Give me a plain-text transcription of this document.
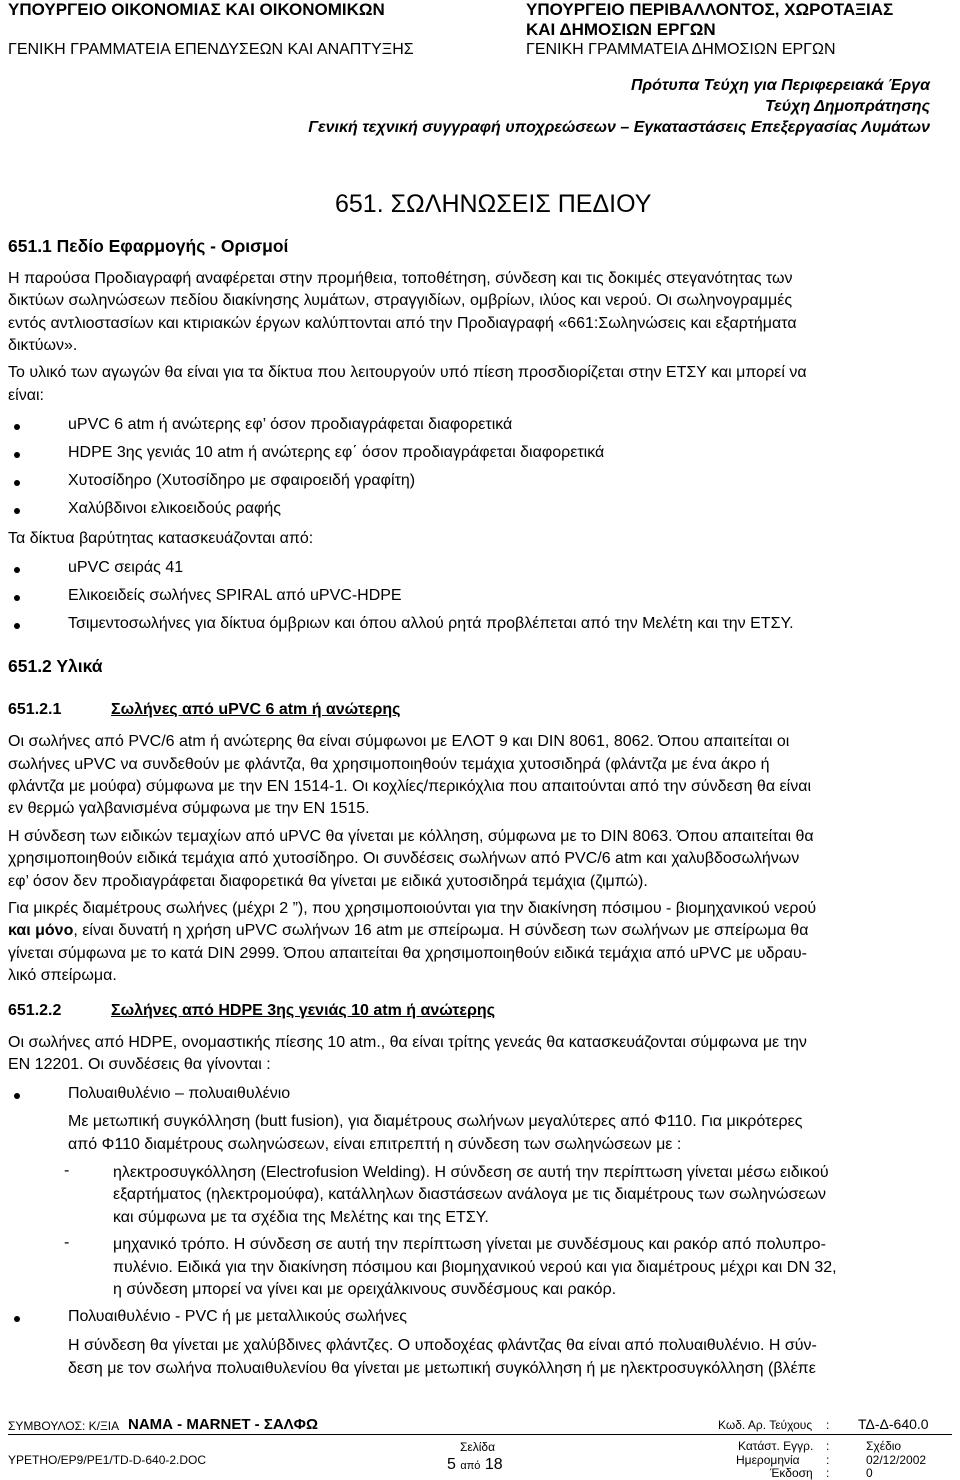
ΥΠΟΥΡΓΕΙΟ ΟΙΚΟΝΟΜΙΑΣ ΚΑΙ ΟΙΚΟΝΟΜΙΚΩΝ
ΓΕΝΙΚΗ ΓΡΑΜΜΑΤΕΙΑ ΕΠΕΝΔΥΣΕΩΝ ΚΑΙ ΑΝΑΠΤΥΞΗΣ
ΥΠΟΥΡΓΕΙΟ ΠΕΡΙΒΑΛΛΟΝΤΟΣ, ΧΩΡΟΤΑΞΙΑΣ
ΚΑΙ ΔΗΜΟΣΙΩΝ ΕΡΓΩΝ
ΓΕΝΙΚΗ ΓΡΑΜΜΑΤΕΙΑ ΔΗΜΟΣΙΩΝ ΕΡΓΩΝ
Πρότυπα Τεύχη για Περιφερειακά Έργα
Τεύχη Δημοπράτησης
Γενική τεχνική συγγραφή υποχρεώσεων – Εγκαταστάσεις Επεξεργασίας Λυμάτων
651. ΣΩΛΗΝΩΣΕΙΣ ΠΕΔΙΟΥ
651.1 Πεδίο Εφαρμογής - Ορισμοί

Η παρούσα Προδιαγραφή αναφέρεται στην προμήθεια, τοποθέτηση, σύνδεση και τις δοκιμές στεγανότητας των

δικτύων σωληνώσεων πεδίου διακίνησης λυμάτων, στραγγιδίων, ομβρίων, ιλύος και νερού. Οι σωληνογραμμές

εντός αντλιοστασίων και κτιριακών έργων καλύπτονται από την Προδιαγραφή «661:Σωληνώσεις και εξαρτήματα

δικτύων».

Το υλικό των αγωγών θα είναι για τα δίκτυα που λειτουργούν υπό πίεση προσδιορίζεται στην ΕΤΣΥ και μπορεί να

είναι:

uPVC 6 atm ή ανώτερης εφ’ όσον προδιαγράφεται διαφορετικά
HDPE 3ης γενιάς 10 atm ή ανώτερης εφ΄ όσον προδιαγράφεται διαφορετικά
Χυτοσίδηρο (Χυτοσίδηρο με σφαιροειδή γραφίτη)
Χαλύβδινοι ελικοειδούς ραφής

Τα δίκτυα βαρύτητας κατασκευάζονται από:

uPVC σειράς 41
Ελικοειδείς σωλήνες SPIRAL από uPVC-HDPE
Τσιμεντοσωλήνες για δίκτυα όμβριων και όπου αλλού ρητά προβλέπεται από την Μελέτη και την ΕΤΣΥ.
651.2 Υλικά
651.2.1	Σωλήνες από uPVC 6 atm ή ανώτερης

Οι σωλήνες από PVC/6 atm ή ανώτερης θα είναι σύμφωνοι με ΕΛΟΤ 9 και DIN 8061, 8062. Όπου απαιτείται οι

σωλήνες uPVC να συνδεθούν με φλάντζα, θα χρησιμοποιηθούν τεμάχια χυτοσιδηρά (φλάντζα με ένα άκρο ή

φλάντζα με μούφα) σύμφωνα με την ΕΝ 1514-1. Οι κοχλίες/περικόχλια που απαιτούνται από την σύνδεση θα είναι

εν θερμώ γαλβανισμένα σύμφωνα με την ΕΝ 1515.

Η σύνδεση των ειδικών τεμαχίων από uPVC θα γίνεται με κόλληση, σύμφωνα με το DIN 8063. Όπου απαιτείται θα

χρησιμοποιηθούν ειδικά τεμάχια από χυτοσίδηρο. Οι συνδέσεις σωλήνων από PVC/6 atm και χαλυβδοσωλήνων

εφ’ όσον δεν προδιαγράφεται διαφορετικά θα γίνεται με ειδικά χυτοσιδηρά τεμάχια (ζιμπώ).

Για μικρές διαμέτρους σωλήνες (μέχρι 2 ”), που χρησιμοποιούνται για την διακίνηση πόσιμου - βιομηχανικού νερού

και μόνο, είναι δυνατή η χρήση uPVC σωλήνων 16 atm με σπείρωμα. Η σύνδεση των σωλήνων με σπείρωμα θα

γίνεται σύμφωνα με το κατά DIN 2999. Όπου απαιτείται θα χρησιμοποιηθούν ειδικά τεμάχια από uPVC με υδραυ-

λικό σπείρωμα.

651.2.2	Σωλήνες από HDPE 3ης γενιάς 10 atm ή ανώτερης

Οι σωλήνες από HDPE, ονομαστικής πίεσης 10 atm., θα είναι τρίτης γενεάς θα κατασκευάζονται σύμφωνα με την

ΕΝ 12201. Οι συνδέσεις θα γίνονται :

Πολυαιθυλένιο – πολυαιθυλένιο

Με μετωπική συγκόλληση (butt fusion), για διαμέτρους σωλήνων μεγαλύτερες από Φ110. Για μικρότερες

από Φ110 διαμέτρους σωληνώσεων, είναι επιτρεπτή η σύνδεση των σωληνώσεων με :

-	ηλεκτροσυγκόλληση (Electrofusion Welding). Η σύνδεση σε αυτή την περίπτωση γίνεται μέσω ειδικού

εξαρτήματος (ηλεκτρομούφα), κατάλληλων διαστάσεων ανάλογα με τις διαμέτρους των σωληνώσεων

και σύμφωνα με τα σχέδια της Μελέτης και της ΕΤΣΥ.

-	μηχανικό τρόπο. Η σύνδεση σε αυτή την περίπτωση γίνεται με συνδέσμους και ρακόρ από πολυπρο-

πυλένιο. Ειδικά για την διακίνηση πόσιμου και βιομηχανικού νερού και για διαμέτρους μέχρι και DN 32,

η σύνδεση μπορεί να γίνει και με ορειχάλκινους συνδέσμους και ρακόρ.

Πολυαιθυλένιο - PVC ή με μεταλλικούς σωλήνες

Η σύνδεση θα γίνεται με χαλύβδινες φλάντζες. Ο υποδοχέας φλάντζας θα είναι από πολυαιθυλένιο. Η σύν-

δεση με τον σωλήνα πολυαιθυλενίου θα γίνεται με μετωπική συγκόλληση ή με ηλεκτροσυγκόλληση (βλέπε

ΣΥΜΒΟΥΛΟΣ: Κ/ΞΙΑ ΝΑΜΑ - MARNET - ΣΑΛΦΩ
ΥΡΕΤΗΟ/ΕΡ9/ΡΕ1/TD-D-640-2.DOC
Σελίδα
5 από 18
Κωδ. Αρ. Τεύχους : ΤΔ-Δ-640.0
Κατάστ. Εγγρ. :	Σχέδιο
Ημερομηνία :	02/12/2002
Έκδοση :	0
